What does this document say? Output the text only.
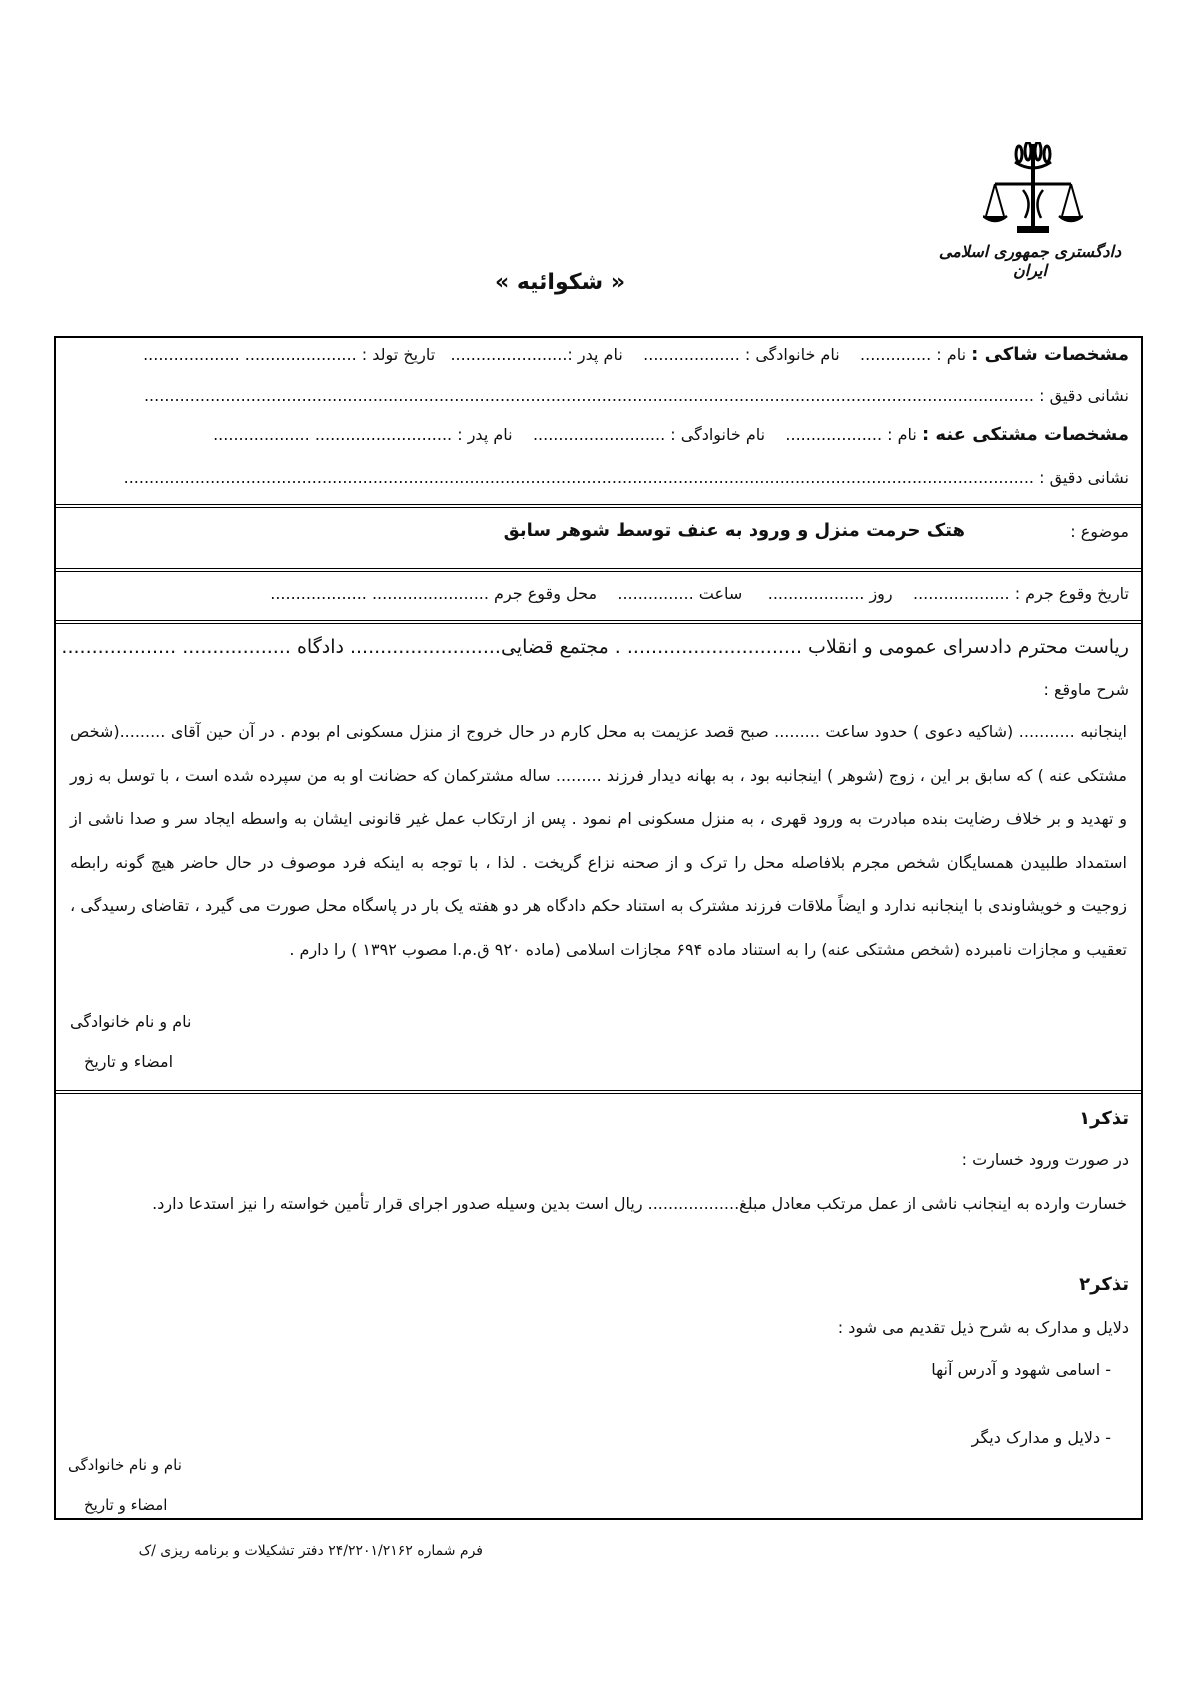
دادگستری جمهوری اسلامی ایران
« شکوائیه »
مشخصات شاکی : نام : ..............    نام خانوادگی : ...................    نام پدر :.......................   تاریخ تولد : ...................... ...................
نشانی دقیق : ...............................................................................................................................................................................
مشخصات مشتکی عنه : نام : ...................    نام خانوادگی : ..........................    نام پدر : ........................... ...................
نشانی دقیق : ...................................................................................................................................................................................
موضوع :
هتک حرمت منزل و ورود به عنف توسط شوهر سابق
تاریخ وقوع جرم : ...................    روز ...................     ساعت ...............    محل وقوع جرم ....................... ...................
ریاست محترم دادسرای عمومی و انقلاب ............................. . مجتمع قضایی......................... دادگاه .................. ...................
شرح ماوقع :
اینجانبه ........... (شاکیه دعوی ) حدود ساعت ......... صبح قصد عزیمت به محل کارم در حال خروج از منزل مسکونی ام بودم . در آن حین آقای .........(شخص مشتکی عنه ) که سابق بر این ، زوج (شوهر ) اینجانبه بود ، به بهانه دیدار فرزند ......... ساله مشترکمان که حضانت او به من سپرده شده است ، با توسل به زور و تهدید و بر خلاف رضایت بنده مبادرت به ورود قهری ، به منزل مسکونی ام نمود . پس از ارتکاب عمل غیر قانونی ایشان به واسطه ایجاد سر و صدا ناشی از استمداد طلبیدن همسایگان شخص مجرم بلافاصله محل را ترک و از صحنه نزاع گریخت . لذا ، با توجه به اینکه فرد موصوف در حال حاضر هیچ گونه رابطه زوجیت و خویشاوندی با اینجانبه ندارد و ایضاً ملاقات فرزند مشترک به استناد حکم دادگاه هر دو هفته یک بار در پاسگاه محل صورت می گیرد ، تقاضای رسیدگی ، تعقیب و مجازات نامبرده (شخص مشتکی عنه) را به استناد ماده ۶۹۴ مجازات اسلامی (ماده ۹۲۰ ق.م.ا مصوب ۱۳۹۲ ) را دارم .
نام و نام خانوادگی
امضاء و تاریخ
تذکر۱
در صورت ورود خسارت :
خسارت وارده به اینجانب ناشی از عمل مرتکب معادل مبلغ.................. ریال است بدین وسیله صدور اجرای قرار تأمین خواسته را نیز استدعا دارد.
تذکر۲
دلایل و مدارک به شرح ذیل تقدیم می شود :
- اسامی شهود و آدرس آنها
- دلایل و مدارک دیگر
نام و نام خانوادگی
امضاء و تاریخ
فرم شماره ۲۴/۲۲۰۱/۲۱۶۲ دفتر تشکیلات و برنامه ریزی /ک
